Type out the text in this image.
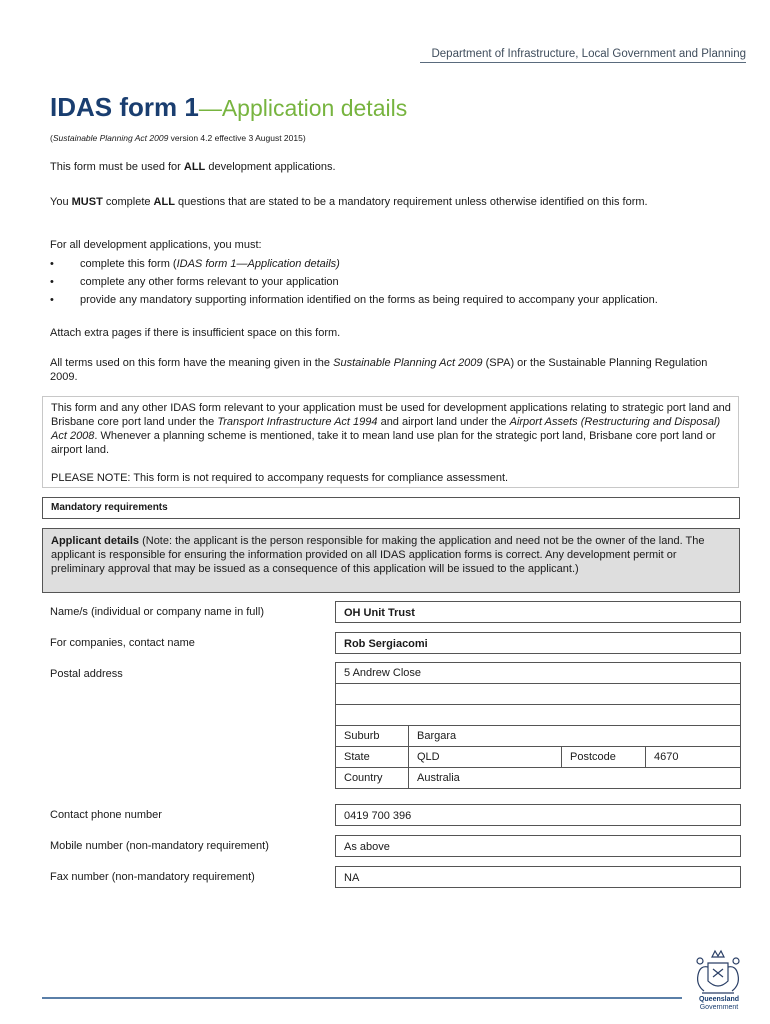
Department of Infrastructure, Local Government and Planning
IDAS form 1—Application details
(Sustainable Planning Act 2009 version 4.2 effective 3 August 2015)
This form must be used for ALL development applications.
You MUST complete ALL questions that are stated to be a mandatory requirement unless otherwise identified on this form.
For all development applications, you must:
• complete this form (IDAS form 1—Application details)
• complete any other forms relevant to your application
• provide any mandatory supporting information identified on the forms as being required to accompany your application.
Attach extra pages if there is insufficient space on this form.
All terms used on this form have the meaning given in the Sustainable Planning Act 2009 (SPA) or the Sustainable Planning Regulation 2009.
This form and any other IDAS form relevant to your application must be used for development applications relating to strategic port land and Brisbane core port land under the Transport Infrastructure Act 1994 and airport land under the Airport Assets (Restructuring and Disposal) Act 2008. Whenever a planning scheme is mentioned, take it to mean land use plan for the strategic port land, Brisbane core port land or airport land.
PLEASE NOTE: This form is not required to accompany requests for compliance assessment.
Mandatory requirements
Applicant details (Note: the applicant is the person responsible for making the application and need not be the owner of the land. The applicant is responsible for ensuring the information provided on all IDAS application forms is correct. Any development permit or preliminary approval that may be issued as a consequence of this application will be issued to the applicant.)
Name/s (individual or company name in full)	OH Unit Trust
For companies, contact name	Rob Sergiacomi
Postal address	5 Andrew Close			

Suburb	Bargara		
State	QLD	Postcode	4670
Country	Australia		
Contact phone number	0419 700 396
Mobile number (non-mandatory requirement)	As above
Fax number (non-mandatory requirement)	NA
Queensland
Government
